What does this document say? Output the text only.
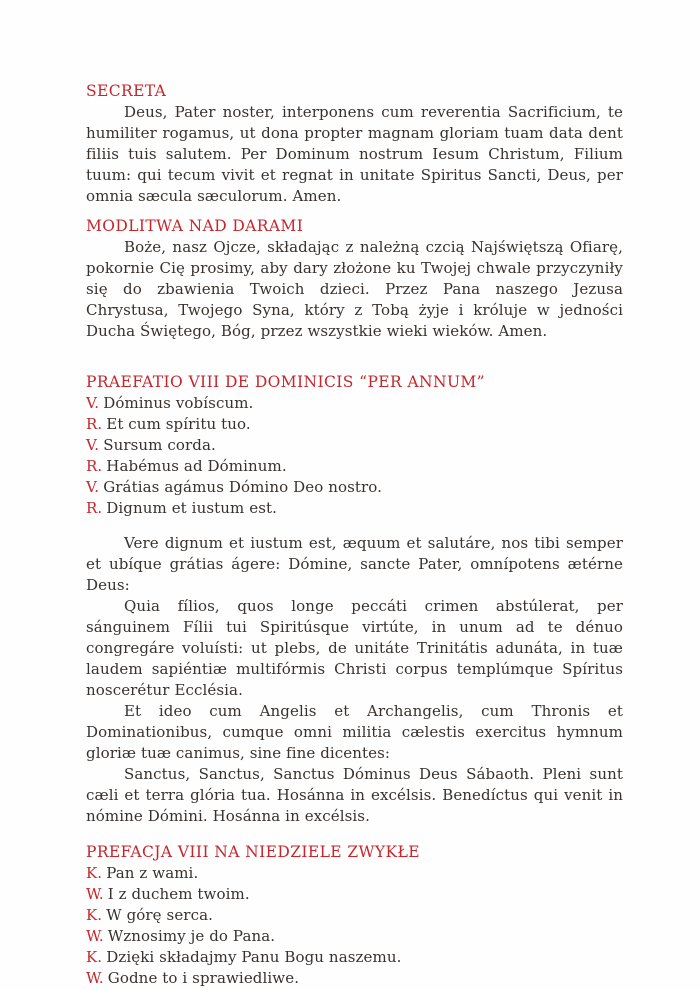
SECRETA

Deus, Pater noster, interponens cum reverentia Sacrificium, te humiliter rogamus, ut dona propter magnam gloriam tuam data dent filiis tuis salutem. Per Dominum nostrum Iesum Christum, Filium tuum: qui tecum vivit et regnat in unitate Spiritus Sancti, Deus, per omnia sæcula sæculorum. Amen.

MODLITWA NAD DARAMI

Boże, nasz Ojcze, składając z należną czcią Najświętszą Ofiarę, pokornie Cię prosimy, aby dary złożone ku Twojej chwale przyczyniły się do zbawienia Twoich dzieci. Przez Pana naszego Jezusa Chrystusa, Twojego Syna, który z Tobą żyje i króluje w jedności Ducha Świętego, Bóg, przez wszystkie wieki wieków. Amen.

PRAEFATIO VIII DE DOMINICIS “PER ANNUM”
V. Dóminus vobíscum.
R. Et cum spíritu tuo.
V. Sursum corda.
R. Habémus ad Dóminum.
V. Grátias agámus Dómino Deo nostro.
R. Dignum et iustum est.

Vere dignum et iustum est, æquum et salutáre, nos tibi semper et ubíque grátias ágere: Dómine, sancte Pater, omnípotens ætérne Deus:

Quia fílios, quos longe peccáti crimen abstúlerat, per sánguinem Fílii tui Spiritúsque virtúte, in unum ad te dénuo congregáre voluísti: ut plebs, de unitáte Trinitátis adunáta, in tuæ laudem sapiéntiæ multifórmis Christi corpus templúmque Spíritus noscerétur Ecclésia.

Et ideo cum Angelis et Archangelis, cum Thronis et Dominationibus, cumque omni militia cælestis exercitus hymnum gloriæ tuæ canimus, sine fine dicentes:

Sanctus, Sanctus, Sanctus Dóminus Deus Sábaoth. Pleni sunt cæli et terra glória tua. Hosánna in excélsis. Benedíctus qui venit in nómine Dómini. Hosánna in excélsis.

PREFACJA VIII NA NIEDZIELE ZWYKŁE
K. Pan z wami.
W. I z duchem twoim.
K. W górę serca.
W. Wznosimy je do Pana.
K. Dzięki składajmy Panu Bogu naszemu.
W. Godne to i sprawiedliwe.
